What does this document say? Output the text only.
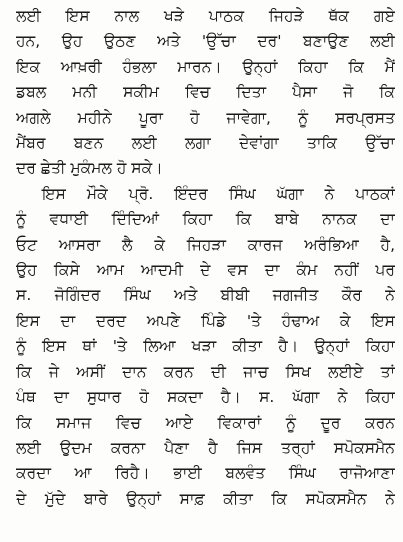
ਲਈ ਇਸ ਨਾਲ ਖੜੇ ਪਾਠਕ ਜਿਹੜੇ ਥੱਕ ਗਏ
ਹਨ, ਉਹ ਉਠਣ ਅਤੇ 'ਉੱਚਾ ਦਰ' ਬਣਾਉਣ ਲਈ
ਇਕ ਆਖ਼ਰੀ ਹੰਭਲਾ ਮਾਰਨ। ਉਨ੍ਹਾਂ ਕਿਹਾ ਕਿ ਮੈਂ
ਡਬਲ ਮਨੀ ਸਕੀਮ ਵਿਚ ਦਿਤਾ ਪੈਸਾ ਜੋ ਕਿ
ਅਗਲੇ ਮਹੀਨੇ ਪੂਰਾ ਹੋ ਜਾਵੇਗਾ, ਨੂੰ ਸਰਪ੍ਰਸਤ
ਮੈਂਬਰ ਬਣਨ ਲਈ ਲਗਾ ਦੇਵਾਂਗਾ ਤਾਕਿ ਉੱਚਾ
ਦਰ ਛੇਤੀ ਮੁਕੰਮਲ ਹੋ ਸਕੇ।

ਇਸ ਮੌਕੇ ਪ੍ਰੋ. ਇੰਦਰ ਸਿੰਘ ਘੱਗਾ ਨੇ ਪਾਠਕਾਂ
ਨੂੰ ਵਧਾਈ ਦਿੰਦਿਆਂ ਕਿਹਾ ਕਿ ਬਾਬੇ ਨਾਨਕ ਦਾ
ਓਟ ਆਸਰਾ ਲੈ ਕੇ ਜਿਹੜਾ ਕਾਰਜ ਅਰੰਭਿਆ ਹੈ,
ਉਹ ਕਿਸੇ ਆਮ ਆਦਮੀ ਦੇ ਵਸ ਦਾ ਕੰਮ ਨਹੀਂ ਪਰ
ਸ. ਜੋਗਿੰਦਰ ਸਿੰਘ ਅਤੇ ਬੀਬੀ ਜਗਜੀਤ ਕੌਰ ਨੇ
ਇਸ ਦਾ ਦਰਦ ਅਪਣੇ ਪਿੰਡੇ 'ਤੇ ਹੰਢਾਅ ਕੇ ਇਸ
ਨੂੰ ਇਸ ਥਾਂ 'ਤੇ ਲਿਆ ਖੜਾ ਕੀਤਾ ਹੈ। ਉਨ੍ਹਾਂ ਕਿਹਾ
ਕਿ ਜੇ ਅਸੀਂ ਦਾਨ ਕਰਨ ਦੀ ਜਾਚ ਸਿਖ ਲਈਏ ਤਾਂ
ਪੰਥ ਦਾ ਸੁਧਾਰ ਹੋ ਸਕਦਾ ਹੈ। ਸ. ਘੱਗਾ ਨੇ ਕਿਹਾ
ਕਿ ਸਮਾਜ ਵਿਚ ਆਏ ਵਿਕਾਰਾਂ ਨੂੰ ਦੂਰ ਕਰਨ
ਲਈ ਉਦਮ ਕਰਨਾ ਪੈਣਾ ਹੈ ਜਿਸ ਤਰ੍ਹਾਂ ਸਪੋਕਸਮੈਨ
ਕਰਦਾ ਆ ਰਿਹੈ। ਭਾਈ ਬਲਵੰਤ ਸਿੰਘ ਰਾਜੋਆਣਾ
ਦੇ ਮੁੱਦੇ ਬਾਰੇ ਉਨ੍ਹਾਂ ਸਾਫ਼ ਕੀਤਾ ਕਿ ਸਪੋਕਸਮੈਨ ਨੇ
